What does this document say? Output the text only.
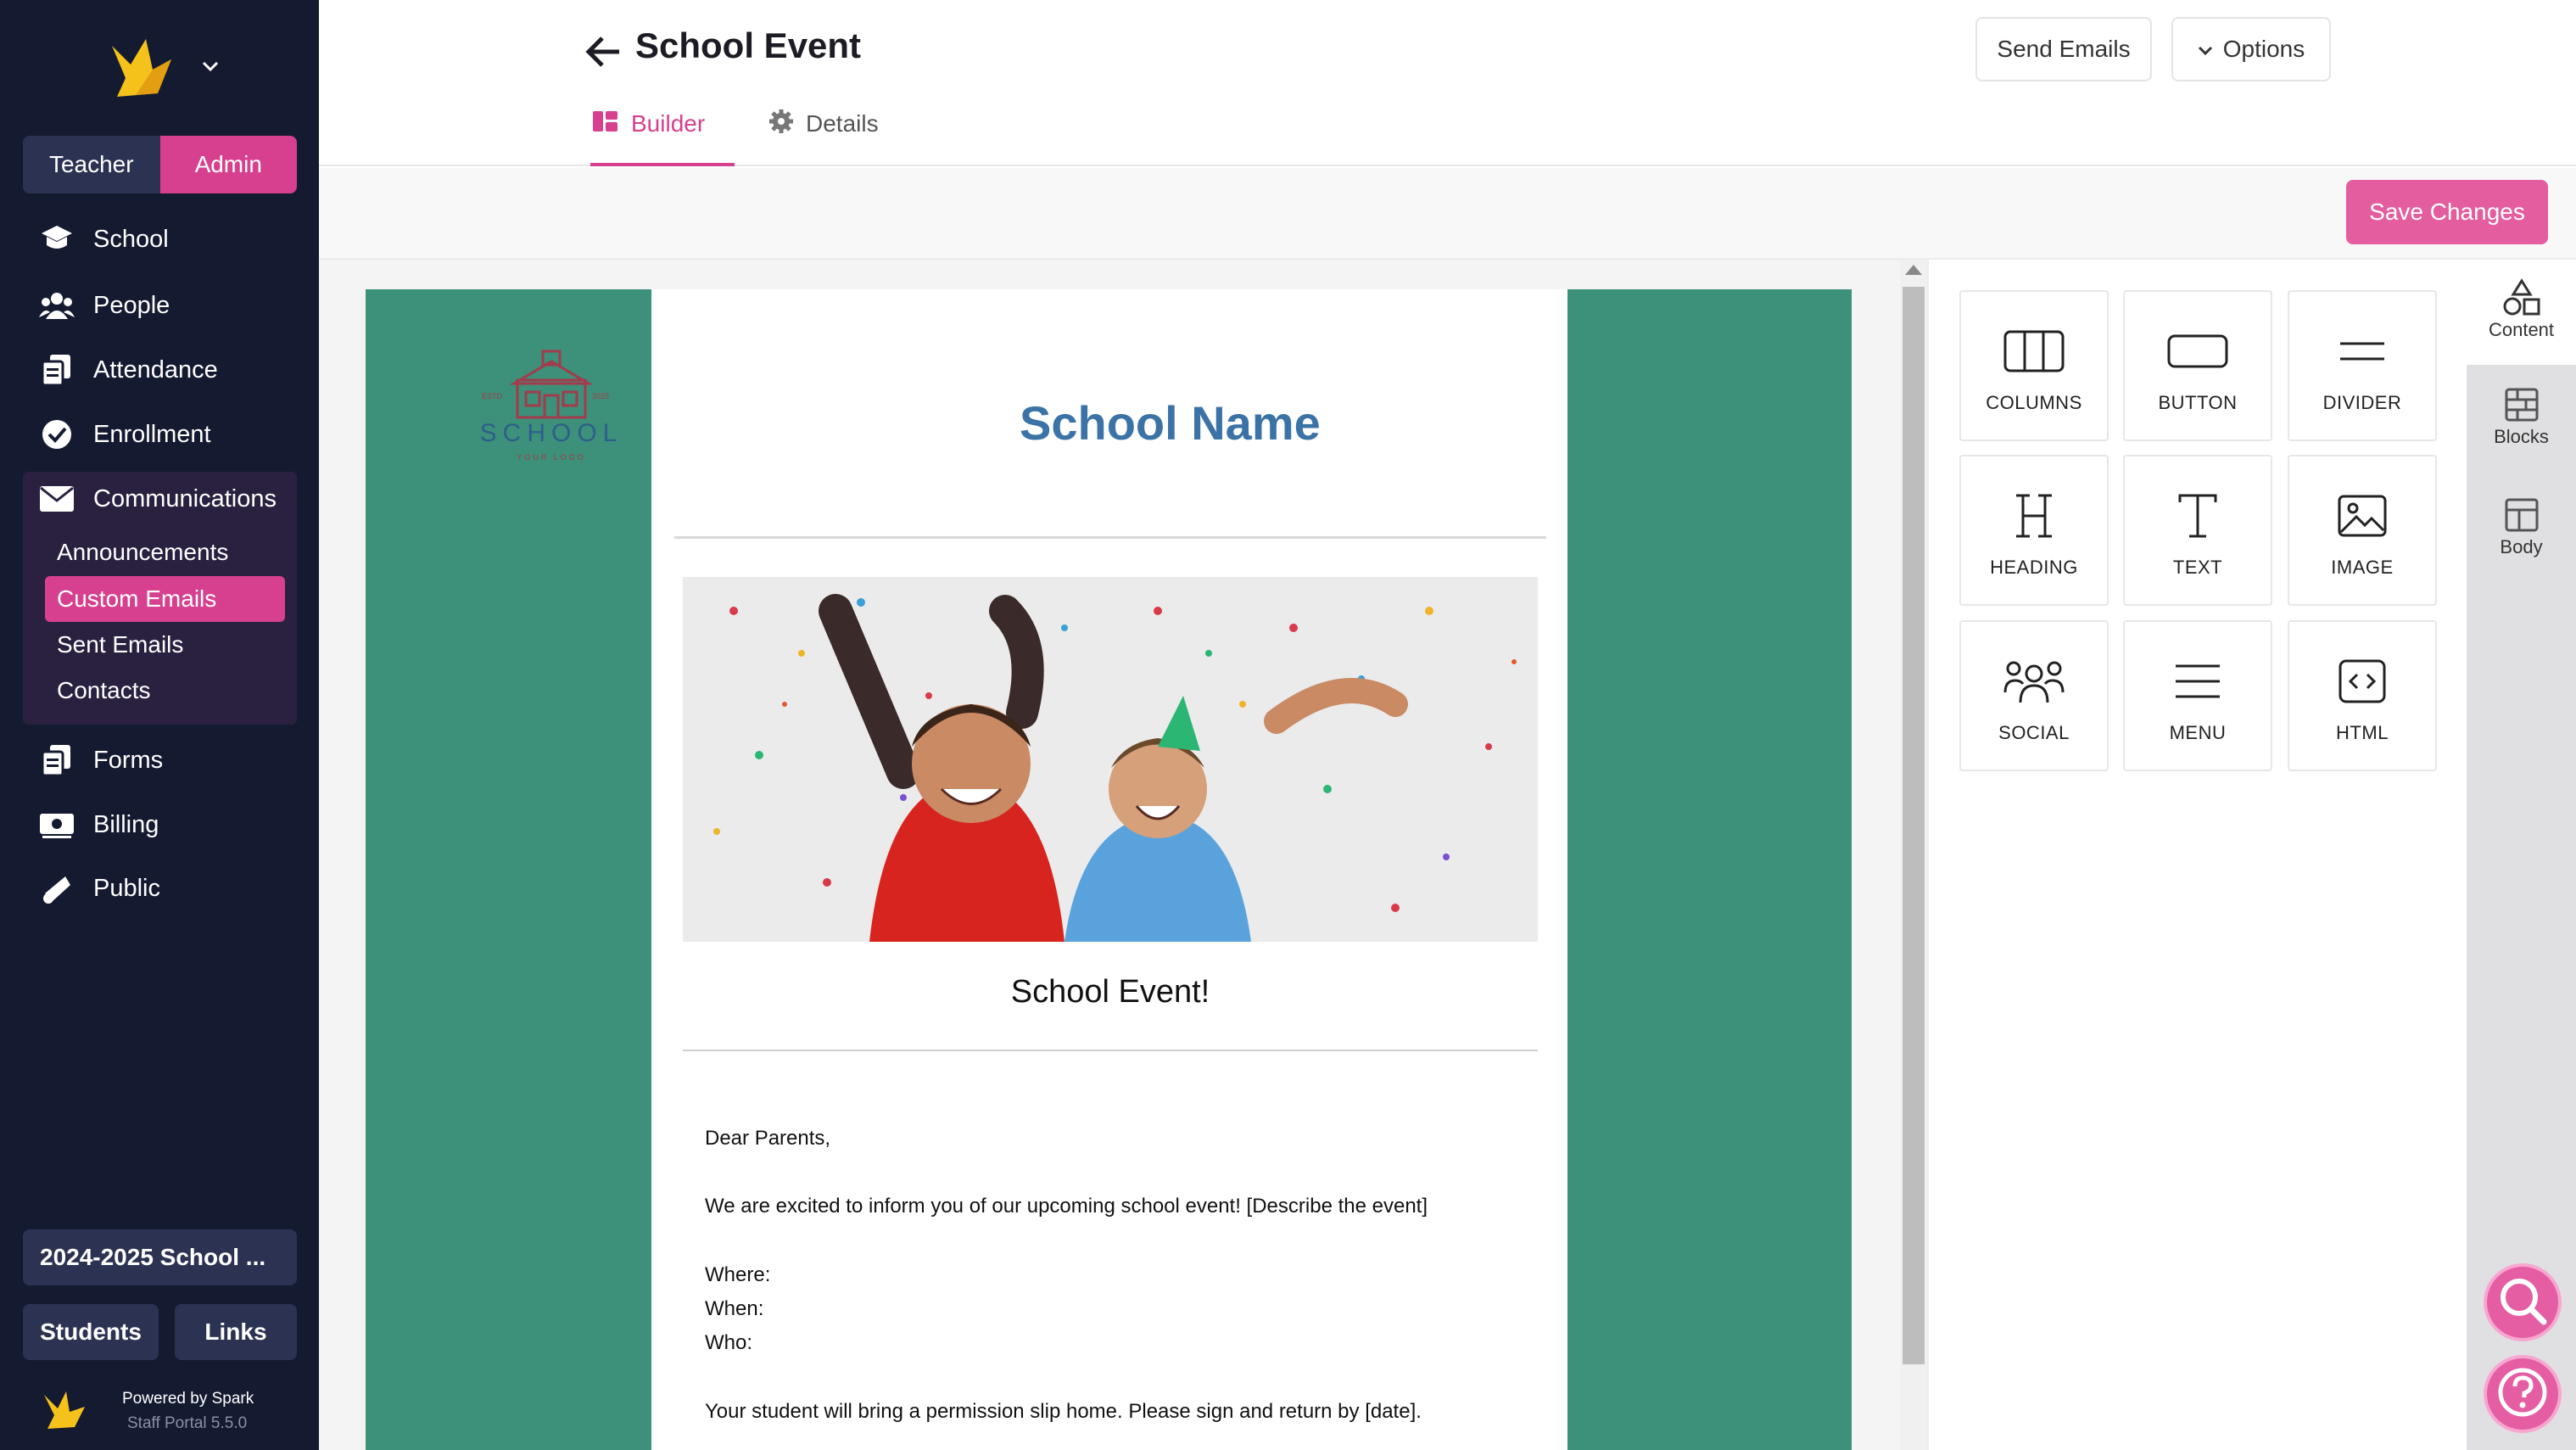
Teacher	Admin
School
People
Attendance
Enrollment
Communications
Announcements
Custom Emails
Sent Emails
Contacts
Forms
Billing
Public
2024-2025 School ...
Students	Links
Powered by Spark
Staff Portal 5.5.0
School Event	Send Emails	Options
Builder	Details
Save Changes
ESTD	2025
SCHOOL
YOUR LOGO
School Name
School Event!
Dear Parents,
We are excited to inform you of our upcoming school event! [Describe the event]
Where:
When:
Who:
Your student will bring a permission slip home. Please sign and return by [date].
COLUMNS	BUTTON	DIVIDER
HEADING	TEXT	IMAGE
SOCIAL	MENU	HTML
Content
Blocks
Body
